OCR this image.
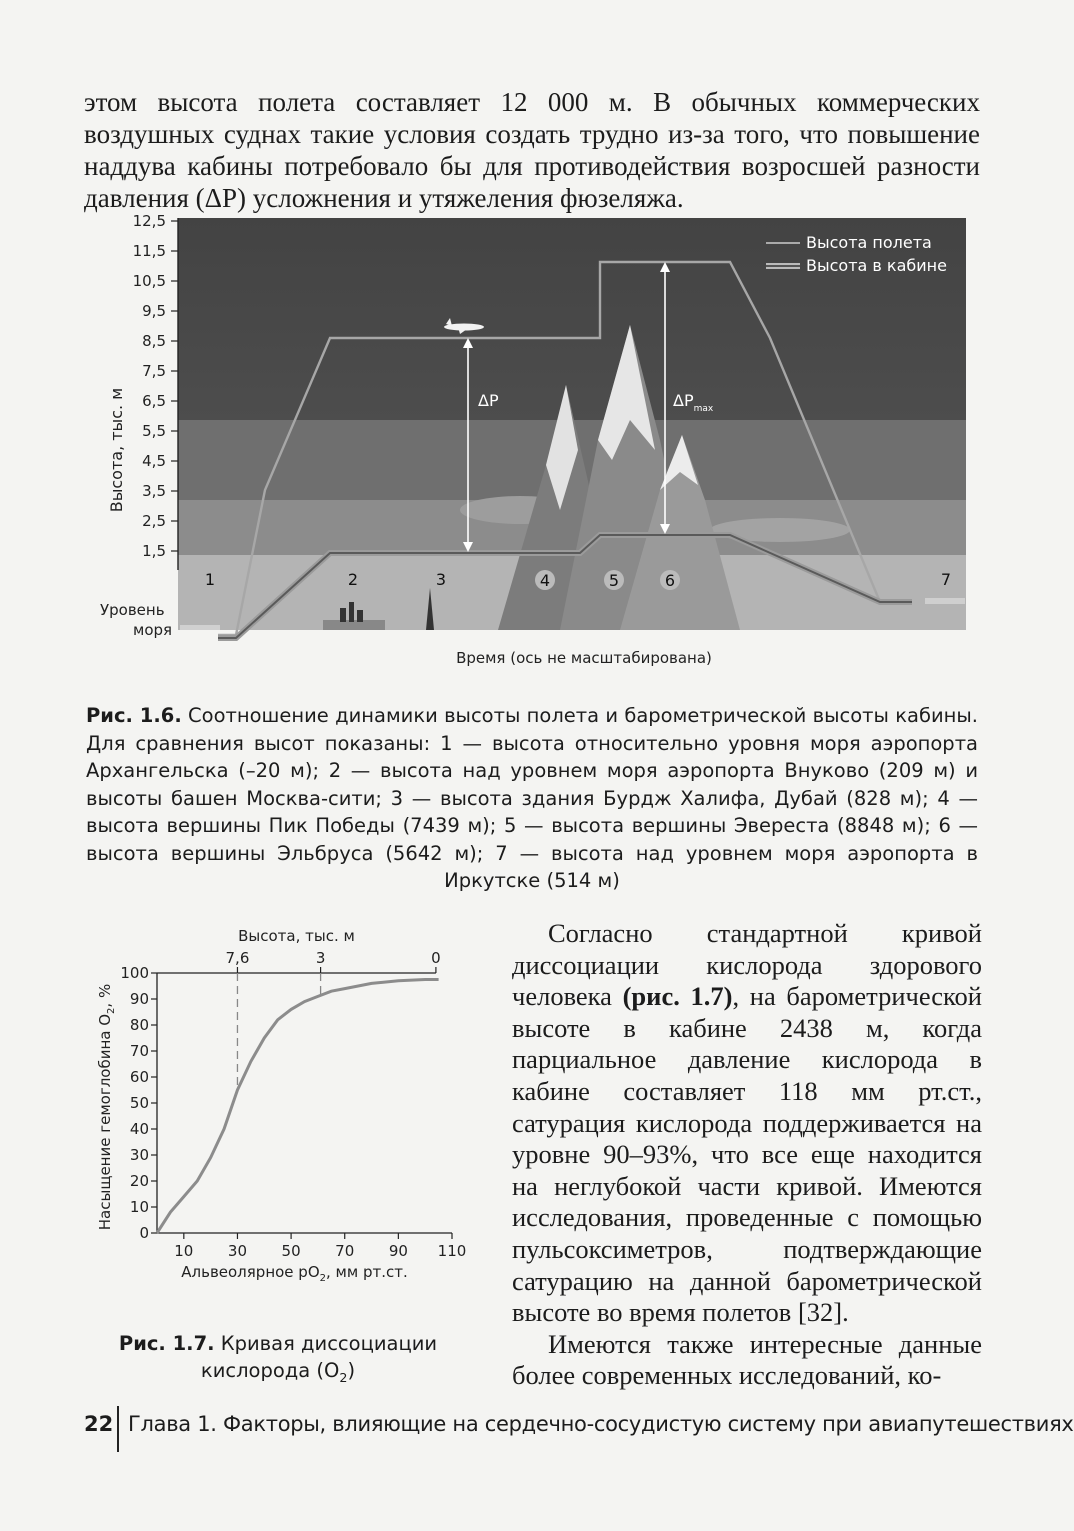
этом высота полета составляет 12 000 м. В обычных коммерческих воздушных суднах такие условия создать трудно из-за того, что повышение наддува кабины потребовало бы для противодействия возросшей разности давления (ΔР) усложнения и утяжеления фюзеляжа.

12,5
11,5
10,5
9,5
8,5
7,5
6,5
5,5
4,5
3,5
2,5
1,5
Высота, тыс. м
Уровень
моря
ΔP	$\Delta P_{max}$
Высота полета
Высота в кабине
1	2	3	4	5	6	7
Время (ось не масштабирована)

Рис. 1.6. Соотношение динамики высоты полета и барометрической высоты кабины. Для сравнения высот показаны: 1 — высота относительно уровня моря аэропорта Архангельска (–20 м); 2 — высота над уровнем моря аэропорта Внуково (209 м) и высоты башен Москва-сити; 3 — высота здания Бурдж Халифа, Дубай (828 м); 4 — высота вершины Пик Победы (7439 м); 5 — высота вершины Эвереста (8848 м); 6 — высота вершины Эльбруса (5642 м); 7 — высота над уровнем моря аэропорта в Иркутске (514 м)

0
10
20
30
40
50
60
70
80
90
100
10 30 50 70 90 110
7,6	3	0
Высота, тыс. м
Альвеолярное $pO_2$, мм рт.ст.
Насыщение гемоглобина $O_2$, %

Рис. 1.7. Кривая диссоциации кислорода $(O_2)$

Согласно стандартной кривой диссоциации кислорода здорового человека (рис. 1.7), на барометрической высоте в кабине 2438 м, когда парциальное давление кислорода в кабине составляет 118 мм рт.ст., сатурация кислорода поддерживается на уровне 90–93%, что все еще находится на неглубокой части кривой. Имеются исследования, проведенные с помощью пульсоксиметров, подтверждающие сатурацию на данной барометрической высоте во время полетов [32].

Имеются также интересные данные более современных исследований, ко-

22 Глава 1. Факторы, влияющие на сердечно-сосудистую систему при авиапутешествиях
